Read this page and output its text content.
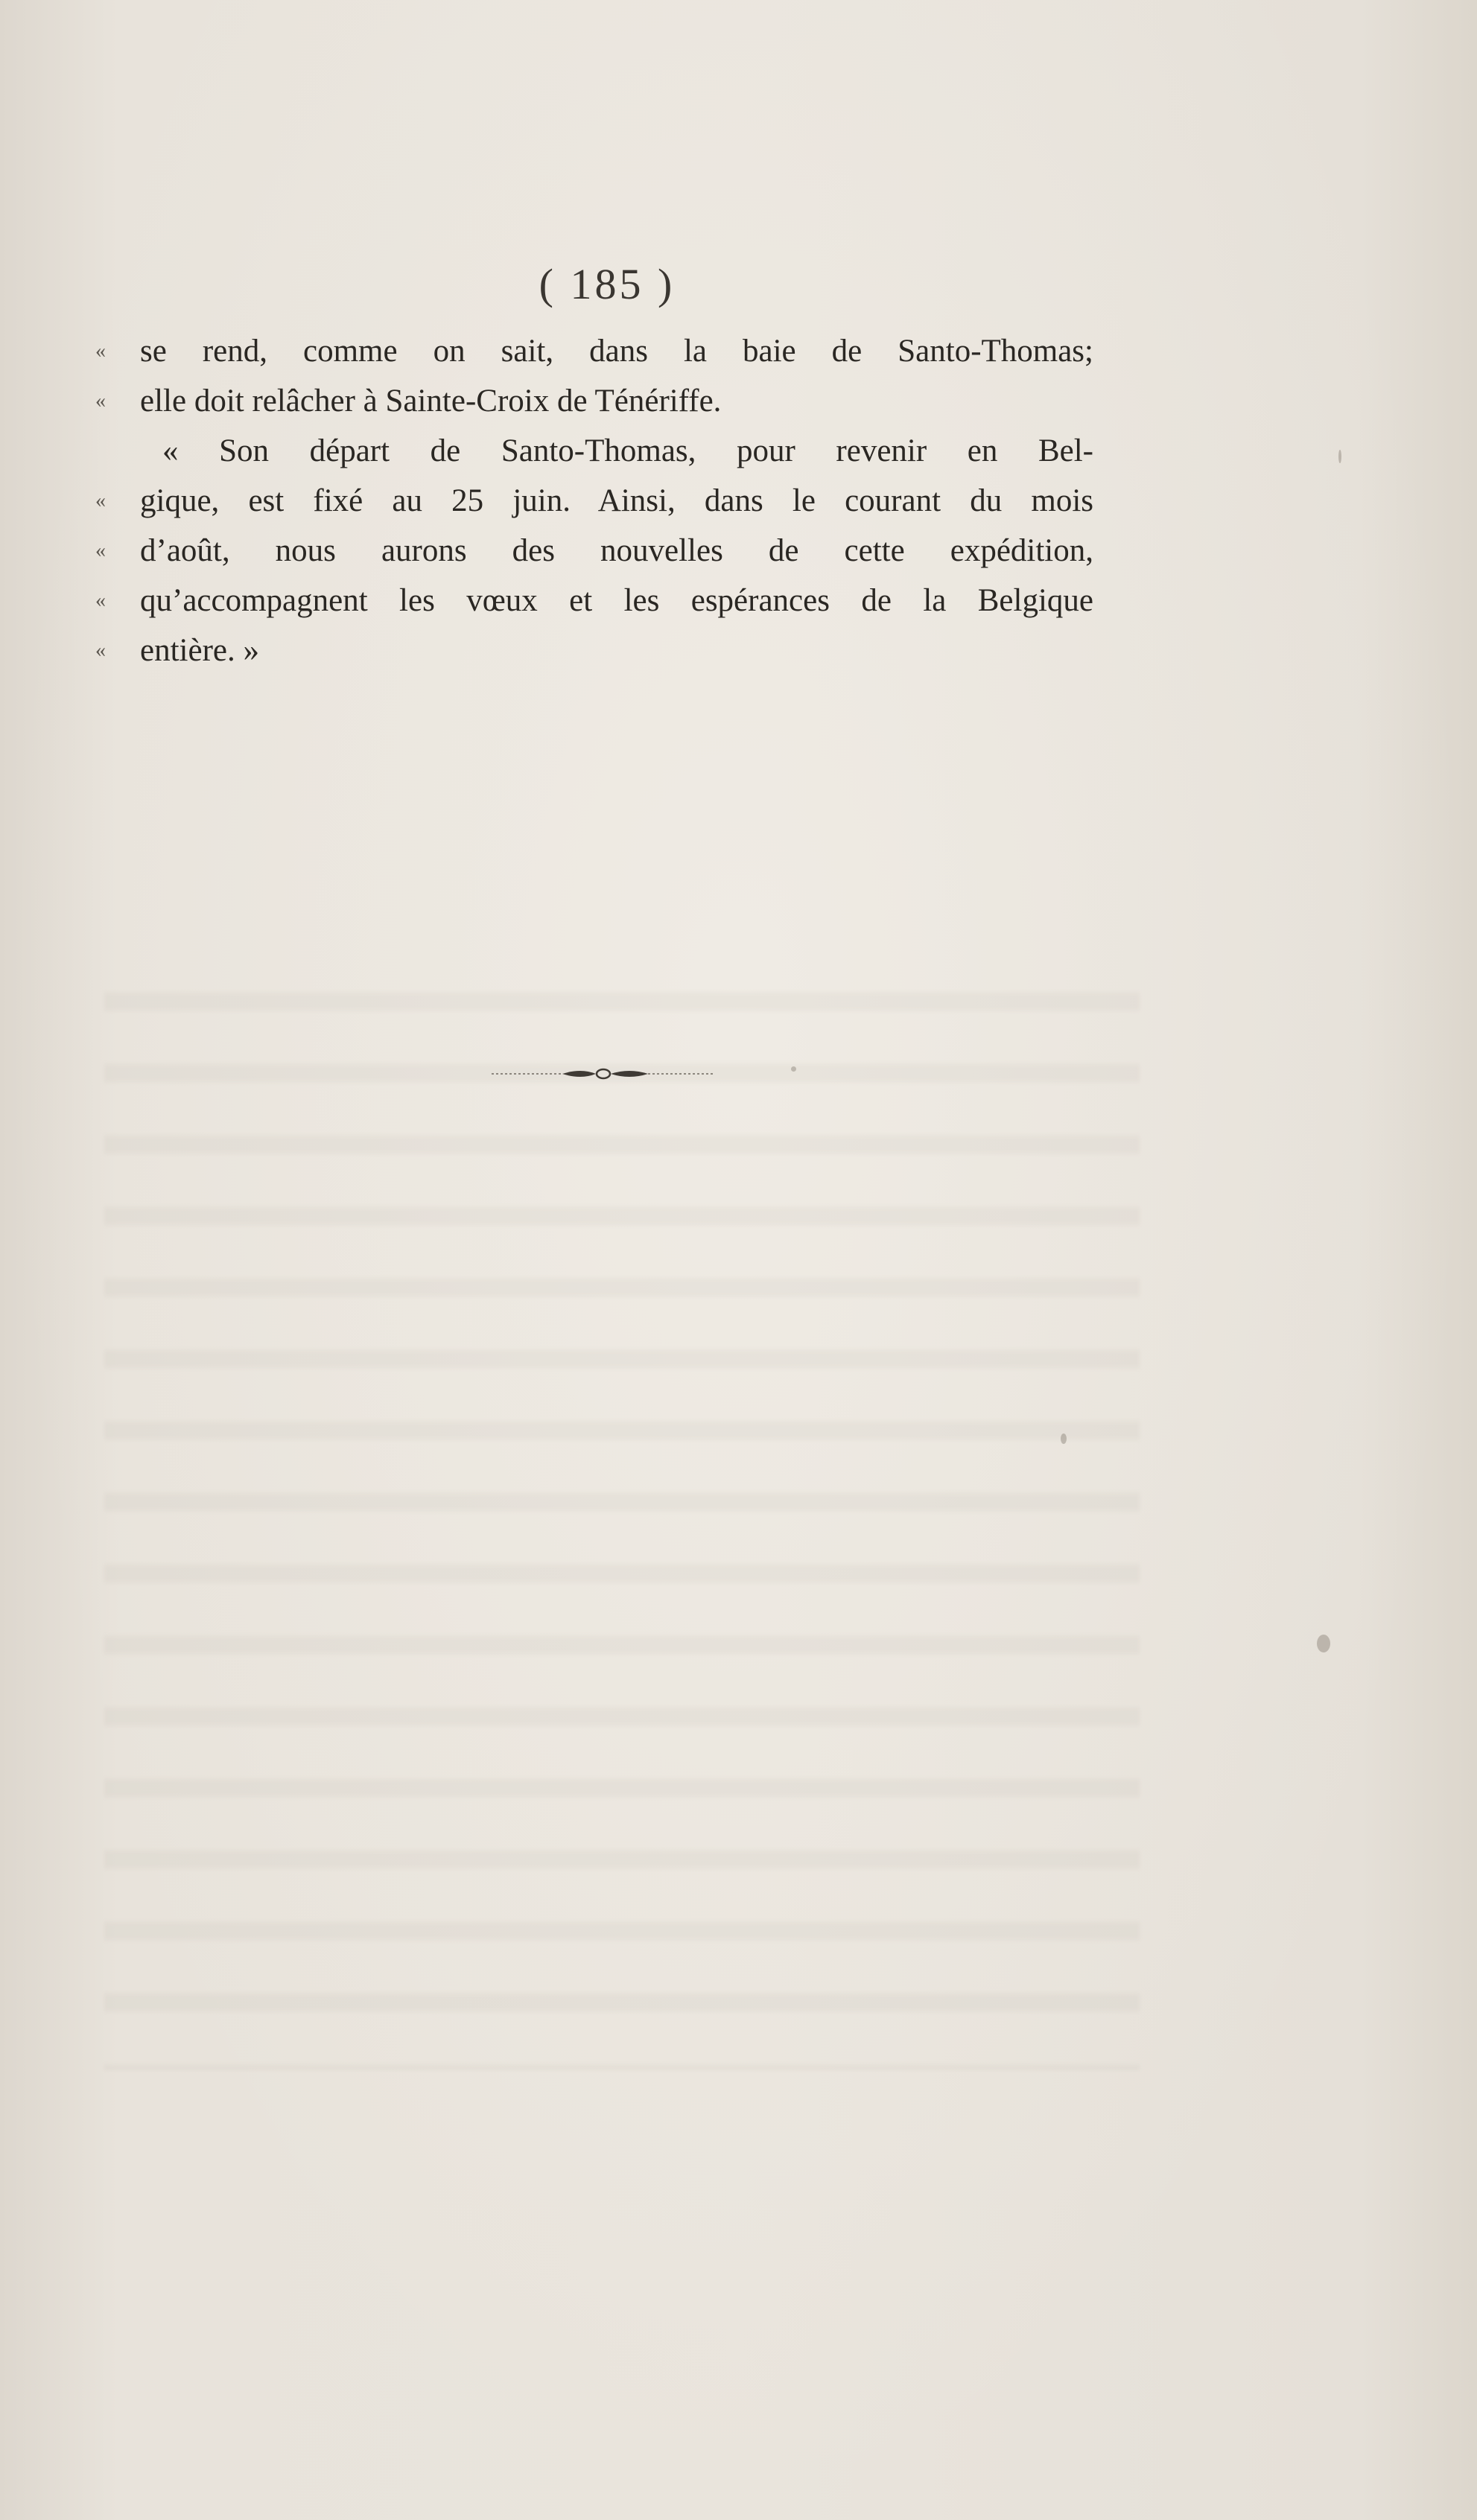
( 185 )
«	se rend, comme on sait, dans la baie de Santo-Thomas;
«	elle doit relâcher à Sainte-Croix de Ténériffe.
« Son départ de Santo-Thomas, pour revenir en Bel-
«	gique, est fixé au 25 juin. Ainsi, dans le courant du mois
«	d’août, nous aurons des nouvelles de cette expédition,
«	qu’accompagnent les vœux et les espérances de la Belgique
«	entière. »
